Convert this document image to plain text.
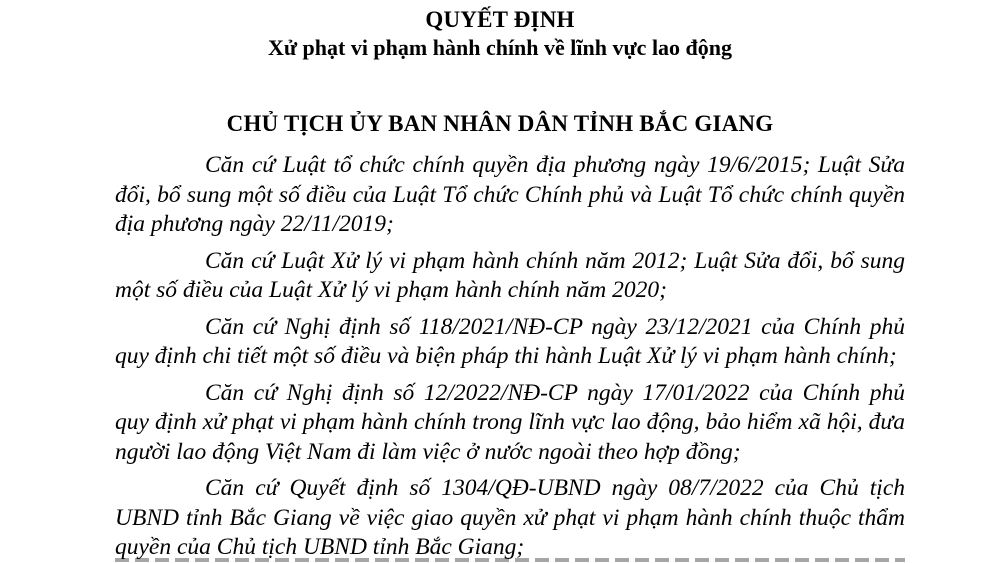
QUYẾT ĐỊNH
Xử phạt vi phạm hành chính về lĩnh vực lao động
CHỦ TỊCH ỦY BAN NHÂN DÂN TỈNH BẮC GIANG

Căn cứ Luật tổ chức chính quyền địa phương ngày 19/6/2015; Luật Sửa đổi, bổ sung một số điều của Luật Tổ chức Chính phủ và Luật Tổ chức chính quyền địa phương ngày 22/11/2019;

Căn cứ Luật Xử lý vi phạm hành chính năm 2012; Luật Sửa đổi, bổ sung một số điều của Luật Xử lý vi phạm hành chính năm 2020;

Căn cứ Nghị định số 118/2021/NĐ-CP ngày 23/12/2021 của Chính phủ quy định chi tiết một số điều và biện pháp thi hành Luật Xử lý vi phạm hành chính;

Căn cứ Nghị định số 12/2022/NĐ-CP ngày 17/01/2022 của Chính phủ quy định xử phạt vi phạm hành chính trong lĩnh vực lao động, bảo hiểm xã hội, đưa người lao động Việt Nam đi làm việc ở nước ngoài theo hợp đồng;

Căn cứ Quyết định số 1304/QĐ-UBND ngày 08/7/2022 của Chủ tịch UBND tỉnh Bắc Giang về việc giao quyền xử phạt vi phạm hành chính thuộc thẩm quyền của Chủ tịch UBND tỉnh Bắc Giang;
